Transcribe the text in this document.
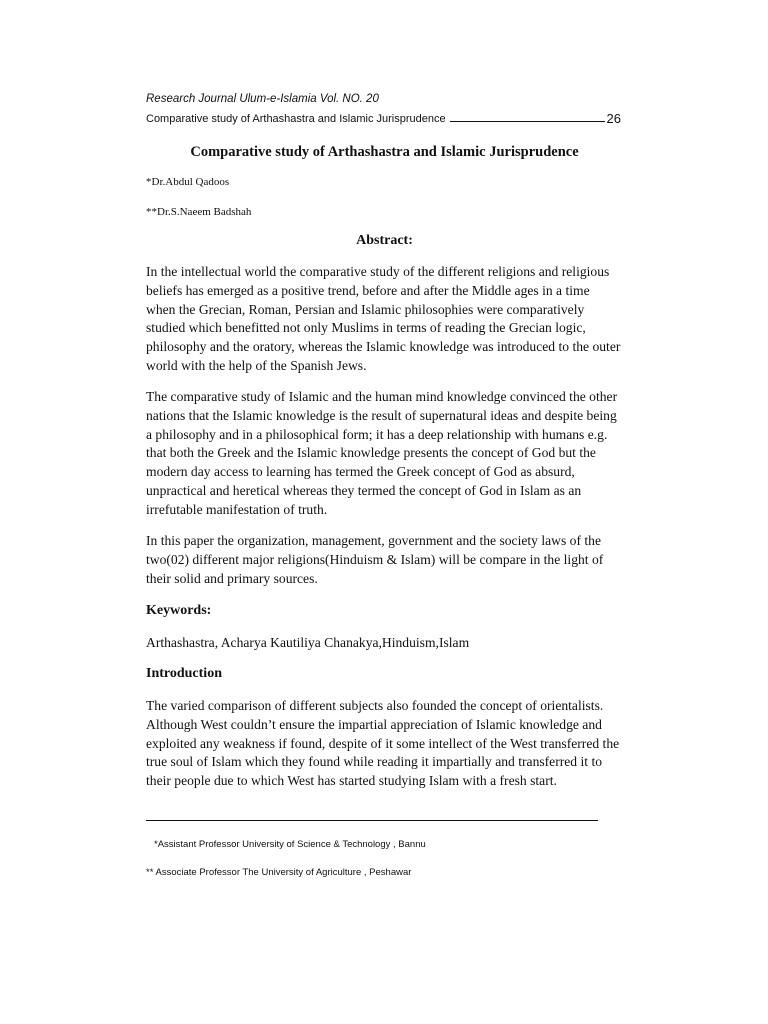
Research Journal Ulum-e-Islamia Vol. NO. 20
Comparative study of Arthashastra and Islamic Jurisprudence	26
Comparative study of Arthashastra and Islamic Jurisprudence
*Dr.Abdul Qadoos
**Dr.S.Naeem Badshah
Abstract:
In the intellectual world the comparative study of the different religions and religious beliefs has emerged as a positive trend, before and after the Middle ages in a time when the Grecian, Roman, Persian and Islamic philosophies were comparatively studied which benefitted not only Muslims in terms of reading the Grecian logic, philosophy and the oratory, whereas the Islamic knowledge was introduced to the outer world with the help of the Spanish Jews.
The comparative study of Islamic and the human mind knowledge convinced the other nations that the Islamic knowledge is the result of supernatural ideas and despite being a philosophy and in a philosophical form; it has a deep relationship with humans e.g. that both the Greek and the Islamic knowledge presents the concept of God but the modern day access to learning has termed the Greek concept of God as absurd, unpractical and heretical whereas they termed the concept of God in Islam as an irrefutable manifestation of truth.
In this paper the organization, management, government and the society laws of the two(02) different major religions(Hinduism & Islam) will be compare in the light of their solid and primary sources.
Keywords:
Arthashastra, Acharya Kautiliya Chanakya,Hinduism,Islam
Introduction
The varied comparison of different subjects also founded the concept of orientalists. Although West couldn’t ensure the impartial appreciation of Islamic knowledge and exploited any weakness if found, despite of it some intellect of the West transferred the true soul of Islam which they found while reading it impartially and transferred it to their people due to which West has started studying Islam with a fresh start.
*Assistant Professor University of Science & Technology , Bannu
** Associate Professor The University of Agriculture , Peshawar
